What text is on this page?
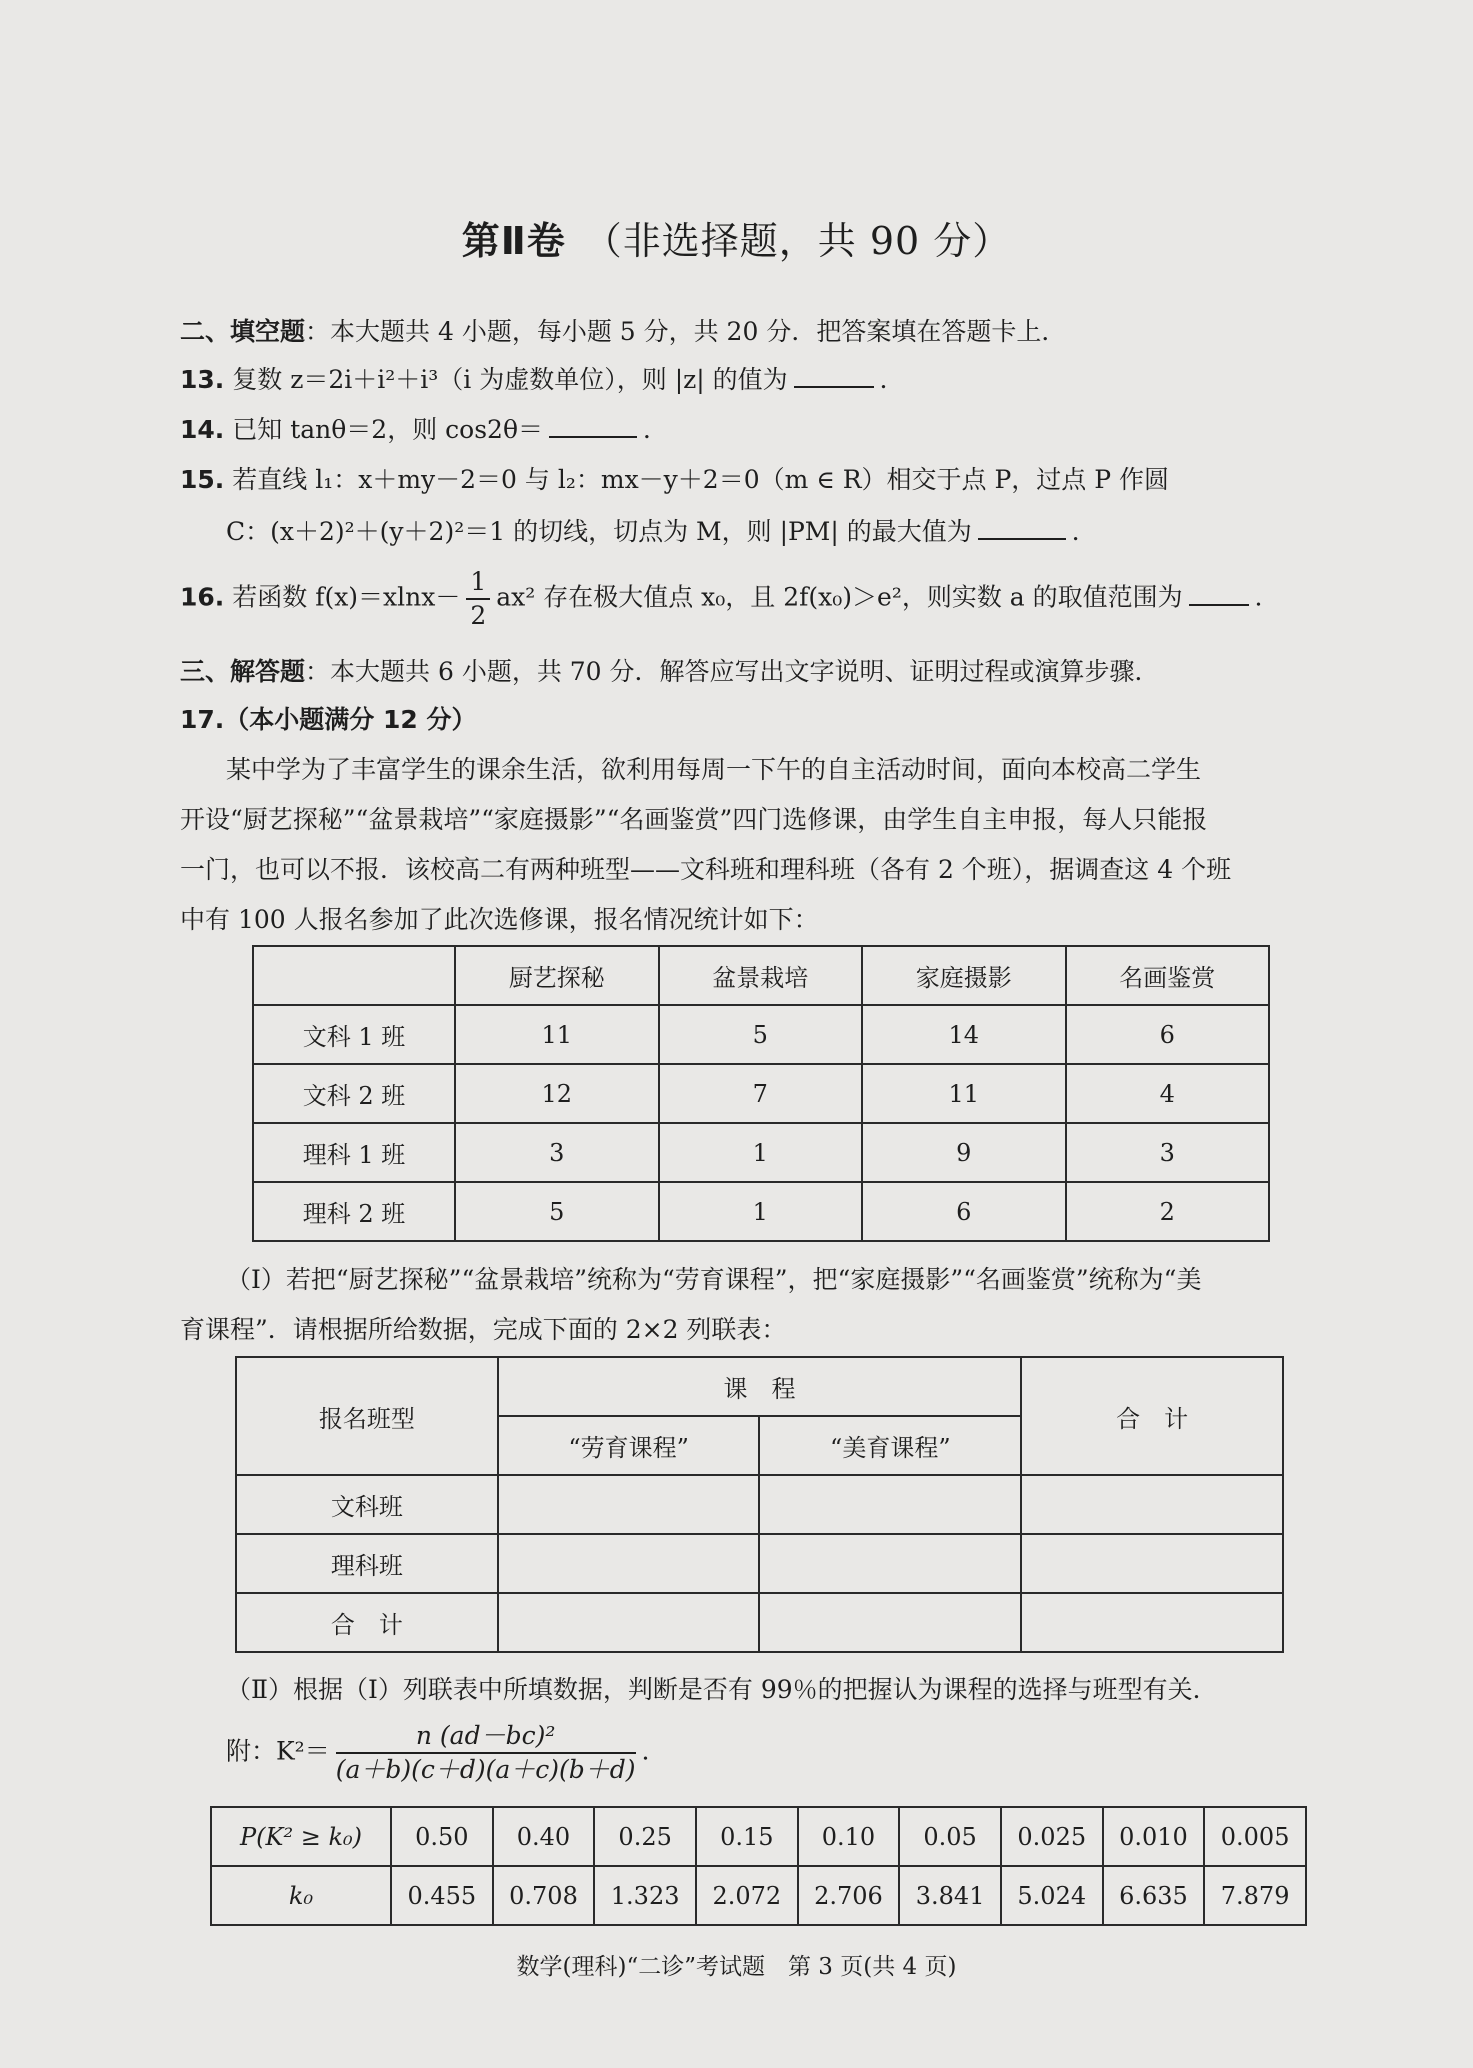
第Ⅱ卷 （非选择题，共 90 分）
二、填空题：本大题共 4 小题，每小题 5 分，共 20 分．把答案填在答题卡上．
13. 复数 z＝2i＋i²＋i³（i 为虚数单位），则 |z| 的值为	．
14. 已知 tanθ＝2，则 cos2θ＝	．
15. 若直线 l₁：x＋my－2＝0 与 l₂：mx－y＋2＝0（m ∈ R）相交于点 P，过点 P 作圆
C：(x＋2)²＋(y＋2)²＝1 的切线，切点为 M，则 |PM| 的最大值为	．
16. 若函数 $f(x)=xlnx- \frac{1}{2} ax^2$ 存在极大值点 x₀，且 2f(x₀)＞e²，则实数 a 的取值范围为	．
三、解答题：本大题共 6 小题，共 70 分．解答应写出文字说明、证明过程或演算步骤．
17.（本小题满分 12 分）
某中学为了丰富学生的课余生活，欲利用每周一下午的自主活动时间，面向本校高二学生
开设“厨艺探秘”“盆景栽培”“家庭摄影”“名画鉴赏”四门选修课，由学生自主申报，每人只能报
一门，也可以不报．该校高二有两种班型——文科班和理科班（各有 2 个班），据调查这 4 个班
中有 100 人报名参加了此次选修课，报名情况统计如下：
	厨艺探秘	盆景栽培	家庭摄影	名画鉴赏
文科 1 班	11	5	14	6
文科 2 班	12	7	11	4
理科 1 班	3	1	9	3
理科 2 班	5	1	6	2
（Ⅰ）若把“厨艺探秘”“盆景栽培”统称为“劳育课程”，把“家庭摄影”“名画鉴赏”统称为“美
育课程”．请根据所给数据，完成下面的 2×2 列联表：
报名班型	课　程		合　计
	“劳育课程”	“美育课程”	
文科班			
理科班			
合　计			
（Ⅱ）根据（Ⅰ）列联表中所填数据，判断是否有 99％的把握认为课程的选择与班型有关．
附：$K^2= \frac{\text{n (ad－bc)²}}{(a+b)(c+d)(a+c)(b+d)}$ ．
P(K² ≥ k₀)	0.50	0.40	0.25	0.15	0.10	0.05	0.025	0.010	0.005
k₀	0.455	0.708	1.323	2.072	2.706	3.841	5.024	6.635	7.879
数学(理科)“二诊”考试题　第 3 页(共 4 页)
